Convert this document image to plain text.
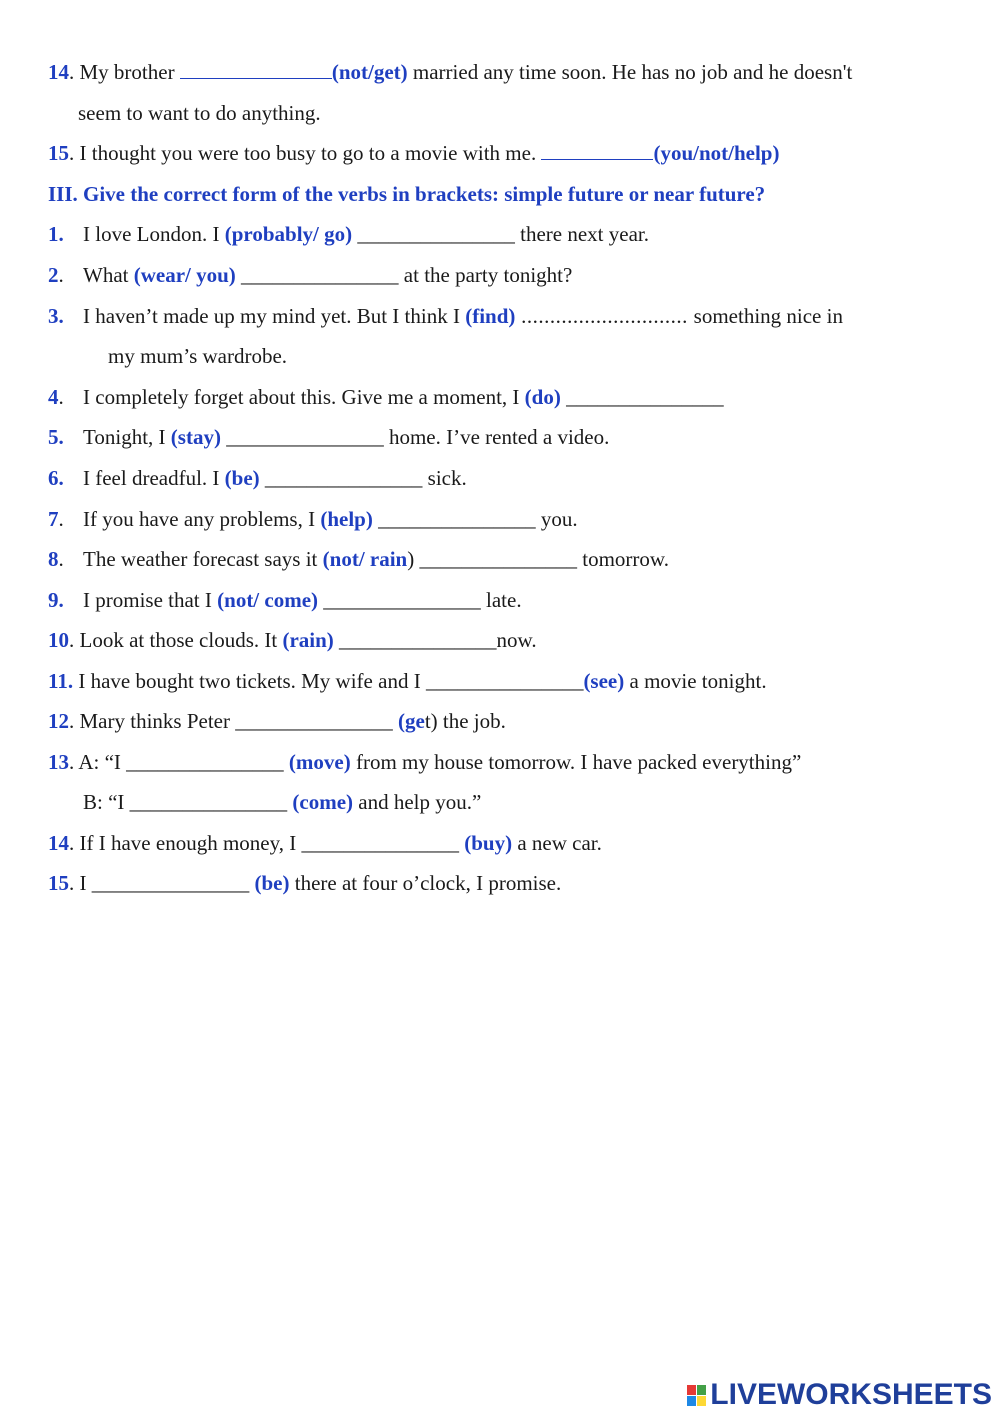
14. My brother	(not/get) married any time soon. He has no job and he doesn't
seem to want to do anything.
15. I thought you were too busy to go to a movie with me.	(you/not/help)
III. Give the correct form of the verbs in brackets: simple future or near future?
1. I love London. I (probably/ go) _______________ there next year.
2. What (wear/ you) _______________ at the party tonight?
3. I haven’t made up my mind yet. But I think I (find) ............................. something nice in
my mum’s wardrobe.
4. I completely forget about this. Give me a moment, I (do) _______________
5. Tonight, I (stay) _______________ home. I’ve rented a video.
6. I feel dreadful. I (be) _______________ sick.
7. If you have any problems, I (help) _______________ you.
8. The weather forecast says it (not/ rain) _______________ tomorrow.
9. I promise that I (not/ come) _______________ late.
10. Look at those clouds. It (rain) _______________now.
11. I have bought two tickets. My wife and I _______________(see) a movie tonight.
12. Mary thinks Peter _______________ (get) the job.
13. A: “I _______________ (move) from my house tomorrow. I have packed everything”
B: “I _______________ (come) and help you.”
14. If I have enough money, I _______________ (buy) a new car.
15. I _______________ (be) there at four o’clock, I promise.
LIVEWORKSHEETS
